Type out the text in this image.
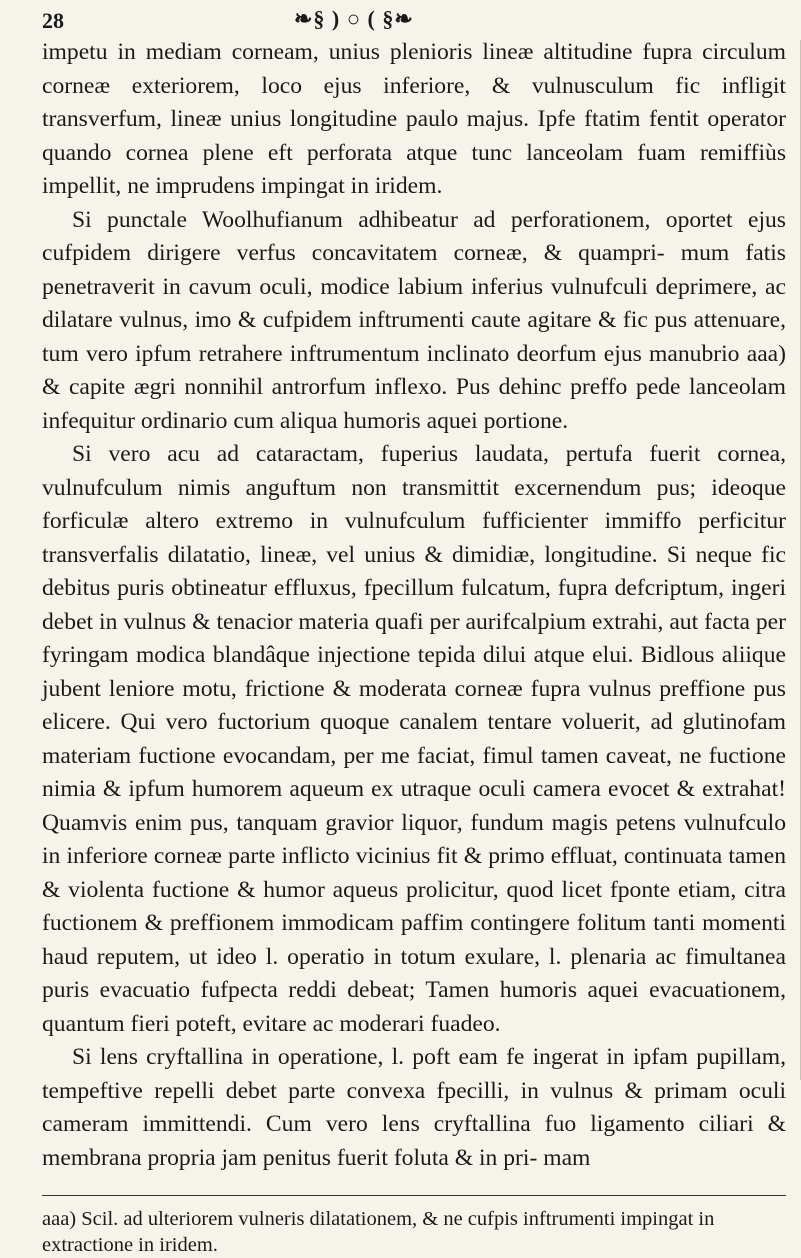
28	❧§ ) ○ ( §❧

impetu in mediam corneam, unius plenioris lineæ altitudine fupra circulum corneæ exteriorem, loco ejus inferiore, & vulnusculum fic infligit transverfum, lineæ unius longitudine paulo majus. Ipfe ftatim fentit operator quando cornea plene eft perforata atque tunc lanceolam fuam remiffiùs impellit, ne imprudens impingat in iridem.

Si punctale Woolhufianum adhibeatur ad perforationem, oportet ejus cufpidem dirigere verfus concavitatem corneæ, & quampri- mum fatis penetraverit in cavum oculi, modice labium inferius vulnufculi deprimere, ac dilatare vulnus, imo & cufpidem inftrumenti caute agitare & fic pus attenuare, tum vero ipfum retrahere inftrumentum inclinato deorfum ejus manubrio aaa) & capite ægri nonnihil antrorfum inflexo. Pus dehinc preffo pede lanceolam infequitur ordinario cum aliqua humoris aquei portione.

Si vero acu ad cataractam, fuperius laudata, pertufa fuerit cornea, vulnufculum nimis anguftum non transmittit excernendum pus; ideoque forficulæ altero extremo in vulnufculum fufficienter immiffo perficitur transverfalis dilatatio, lineæ, vel unius & dimidiæ, longitudine. Si neque fic debitus puris obtineatur effluxus, fpecillum fulcatum, fupra defcriptum, ingeri debet in vulnus & tenacior materia quafi per aurifcalpium extrahi, aut facta per fyringam modica blandâque injectione tepida dilui atque elui. Bidlous aliique jubent leniore motu, frictione & moderata corneæ fupra vulnus preffione pus elicere. Qui vero fuctorium quoque canalem tentare voluerit, ad glutinofam materiam fuctione evocandam, per me faciat, fimul tamen caveat, ne fuctione nimia & ipfum humorem aqueum ex utraque oculi camera evocet & extrahat! Quamvis enim pus, tanquam gravior liquor, fundum magis petens vulnufculo in inferiore corneæ parte inflicto vicinius fit & primo effluat, continuata tamen & violenta fuctione & humor aqueus prolicitur, quod licet fponte etiam, citra fuctionem & preffionem immodicam paffim contingere folitum tanti momenti haud reputem, ut ideo l. operatio in totum exulare, l. plenaria ac fimultanea puris evacuatio fufpecta reddi debeat; Tamen humoris aquei evacuationem, quantum fieri poteft, evitare ac moderari fuadeo.

Si lens cryftallina in operatione, l. poft eam fe ingerat in ipfam pupillam, tempeftive repelli debet parte convexa fpecilli, in vulnus & primam oculi cameram immittendi. Cum vero lens cryftallina fuo ligamento ciliari & membrana propria jam penitus fuerit foluta & in pri- mam

aaa) Scil. ad ulteriorem vulneris dilatationem, & ne cufpis inftrumenti impingat in extractione in iridem.
